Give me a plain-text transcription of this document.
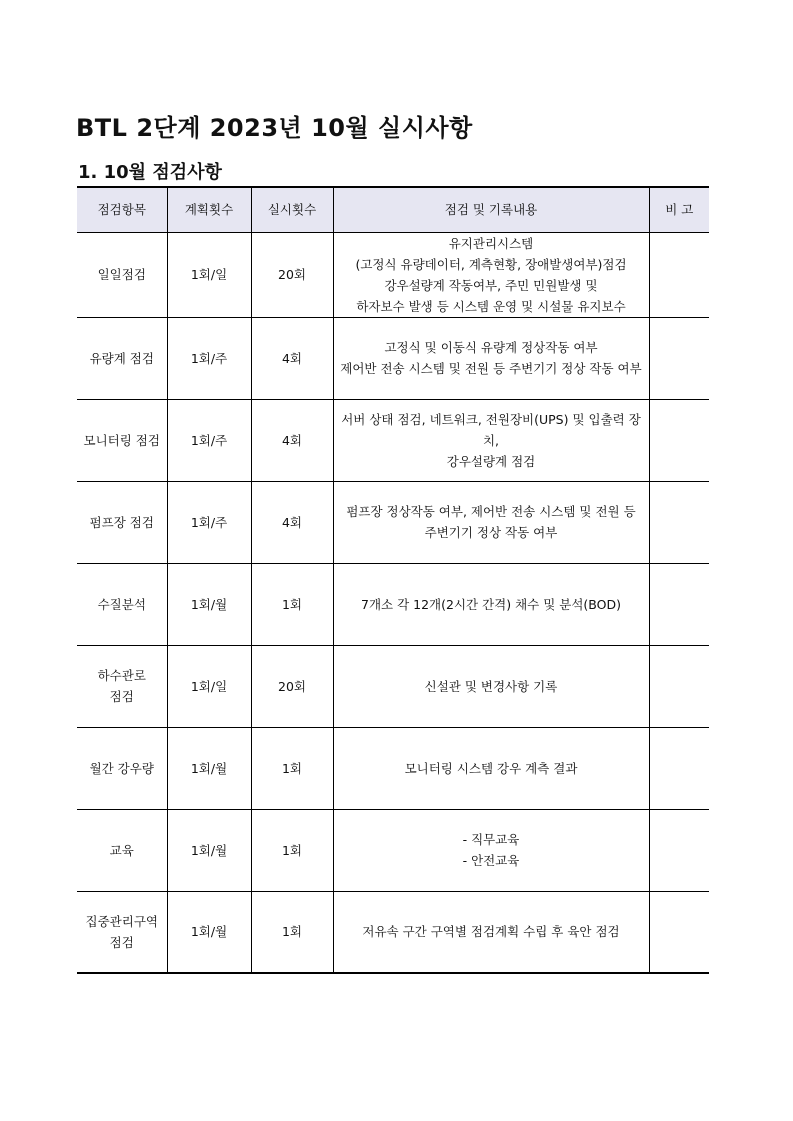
BTL 2단계 2023년 10월 실시사항
1. 10월 점검사항
점검항목	계획횟수	실시횟수	점검 및 기록내용	비 고

일일점검	1회/일	20회	유지관리시스템
(고정식 유량데이터, 계측현황, 장애발생여부)점검
강우설량계 작동여부, 주민 민원발생 및
하자보수 발생 등 시스템 운영 및 시설물 유지보수	

유량계 점검	1회/주	4회	고정식 및 이동식 유량계 정상작동 여부
제어반 전송 시스템 및 전원 등 주변기기 정상 작동 여부	

모니터링 점검	1회/주	4회	서버 상태 점검, 네트워크, 전원장비(UPS) 및 입출력 장치,
강우설량계 점검	

펌프장 점검	1회/주	4회	펌프장 정상작동 여부, 제어반 전송 시스템 및 전원 등
주변기기 정상 작동 여부	

수질분석	1회/월	1회	7개소 각 12개(2시간 간격) 채수 및 분석(BOD)	

하수관로
점검	1회/일	20회	신설관 및 변경사항 기록	

월간 강우량	1회/월	1회	모니터링 시스템 강우 계측 결과	

교육	1회/월	1회	- 직무교육
- 안전교육	

집중관리구역
점검	1회/월	1회	저유속 구간 구역별 점검계획 수립 후 육안 점검	
